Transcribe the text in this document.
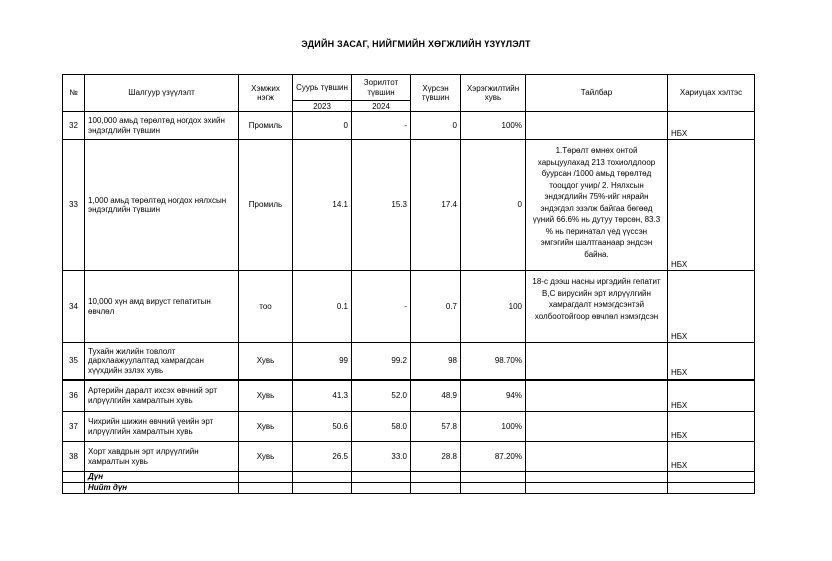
ЭДИЙН ЗАСАГ, НИЙГМИЙН ХӨГЖЛИЙН ҮЗҮҮЛЭЛТ
№	Шалгуур үзүүлэлт	Хэмжих нэгж	Суурь түвшин	Зорилтот түвшин	Хүрсэн түвшин	Хэрэгжилтийн хувь	Тайлбар	Хариуцах хэлтэс
			2023	2024				
32	100,000 амьд төрөлтөд ногдох эхийн эндэгдлийн түвшин	Промиль	0	-	0	100%		НБХ
33	1,000 амьд төрөлтөд ногдох нялхсын эндэгдлийн түвшин	Промиль	14.1	15.3	17.4	0	1.Төрөлт өмнөх онтой харьцуулахад 213 тохиолдлоор буурсан /1000 амьд төрөлтөд тооцдог учир/ 2. Нялхсын эндэгдлийн 75%-ийг нярайн эндэгдэл эзэлж байгаа бөгөөд үүний 66.6% нь дутуу төрсөн, 83.3 % нь перинатал үед үүссэн эмгэгийн шалтгаанаар эндсэн байна.	НБХ
34	10,000 хүн амд вируст гепатитын өвчлөл	тоо	0.1	-	0.7	100	18-с дээш насны иргэдийн гепатит B,C вирусийн эрт илрүүлгийн хамрагдалт нэмэгдсэнтэй холбоотойгоор өвчлөл нэмэгдсэн	НБХ
35	Тухайн жилийн товлолт дархлаажуулалтад хамрагдсан хүүхдийн эзлэх хувь	Хувь	99	99.2	98	98.70%		НБХ
36	Артерийн даралт ихсэх өвчний эрт илрүүлгийн хамралтын хувь	Хувь	41.3	52.0	48.9	94%		НБХ
37	Чихрийн шижин өвчний үеийн эрт илрүүлгийн хамралтын хувь	Хувь	50.6	58.0	57.8	100%		НБХ
38	Хорт хавдрын эрт илрүүлгийн хамралтын хувь	Хувь	26.5	33.0	28.8	87.20%		НБХ
	Дүн							
	Нийт дүн							
